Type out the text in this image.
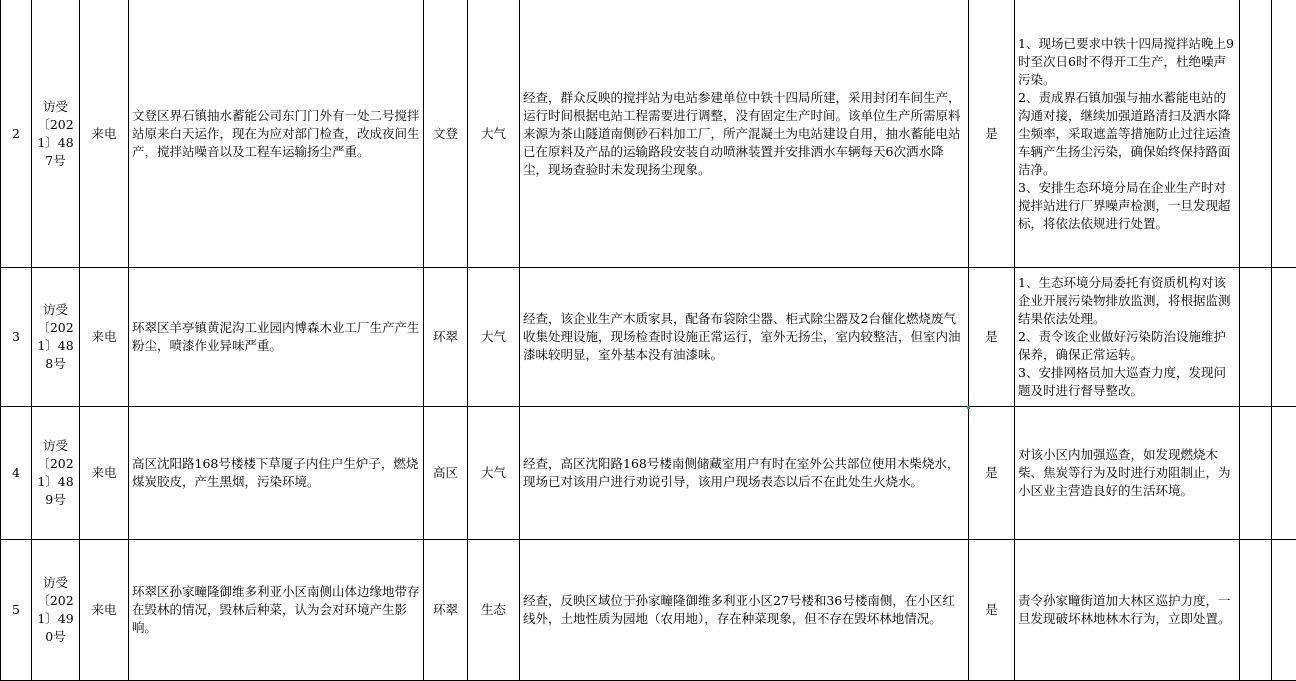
2	访受〔2021〕487号	来电	文登区界石镇抽水蓄能公司东门门外有一处二号搅拌站原来白天运作，现在为应对部门检查，改成夜间生产，搅拌站噪音以及工程车运输扬尘严重。	文登	大气	经查，群众反映的搅拌站为电站参建单位中铁十四局所建，采用封闭车间生产，运行时间根据电站工程需要进行调整，没有固定生产时间。该单位生产所需原料来源为茶山隧道南侧砂石料加工厂，所产混凝土为电站建设自用，抽水蓄能电站已在原料及产品的运输路段安装自动喷淋装置并安排洒水车辆每天6次洒水降尘，现场查验时未发现扬尘现象。	是	1、现场已要求中铁十四局搅拌站晚上9时至次日6时不得开工生产，杜绝噪声污染。
2、责成界石镇加强与抽水蓄能电站的沟通对接，继续加强道路清扫及洒水降尘频率，采取遮盖等措施防止过往运渣车辆产生扬尘污染，确保始终保持路面洁净。
3、安排生态环境分局在企业生产时对搅拌站进行厂界噪声检测，一旦发现超标，将依法依规进行处置。		

3	访受〔2021〕488号	来电	环翠区羊亭镇黄泥沟工业园内博森木业工厂生产产生粉尘，喷漆作业异味严重。	环翠	大气	经查，该企业生产木质家具，配备布袋除尘器、柜式除尘器及2台催化燃烧废气收集处理设施，现场检查时设施正常运行，室外无扬尘，室内较整洁，但室内油漆味较明显，室外基本没有油漆味。	是	1、生态环境分局委托有资质机构对该企业开展污染物排放监测，将根据监测结果依法处理。
2、责令该企业做好污染防治设施维护保养，确保正常运转。
3、安排网格员加大巡查力度，发现问题及时进行督导整改。		

4	访受〔2021〕489号	来电	高区沈阳路168号楼楼下草厦子内住户生炉子，燃烧煤炭胶皮，产生黑烟，污染环境。	高区	大气	经查，高区沈阳路168号楼南侧储藏室用户有时在室外公共部位使用木柴烧水，现场已对该用户进行劝说引导，该用户现场表态以后不在此处生火烧水。	是	对该小区内加强巡查，如发现燃烧木柴、焦炭等行为及时进行劝阻制止，为小区业主营造良好的生活环境。		

5	访受〔2021〕490号	来电	环翠区孙家疃隆御维多利亚小区南侧山体边缘地带存在毁林的情况，毁林后种菜，认为会对环境产生影响。	环翠	生态	经查，反映区域位于孙家疃隆御维多利亚小区27号楼和36号楼南侧，在小区红线外，土地性质为园地（农用地），存在种菜现象，但不存在毁坏林地情况。	是	责令孙家疃街道加大林区巡护力度，一旦发现破坏林地林木行为，立即处置。		
